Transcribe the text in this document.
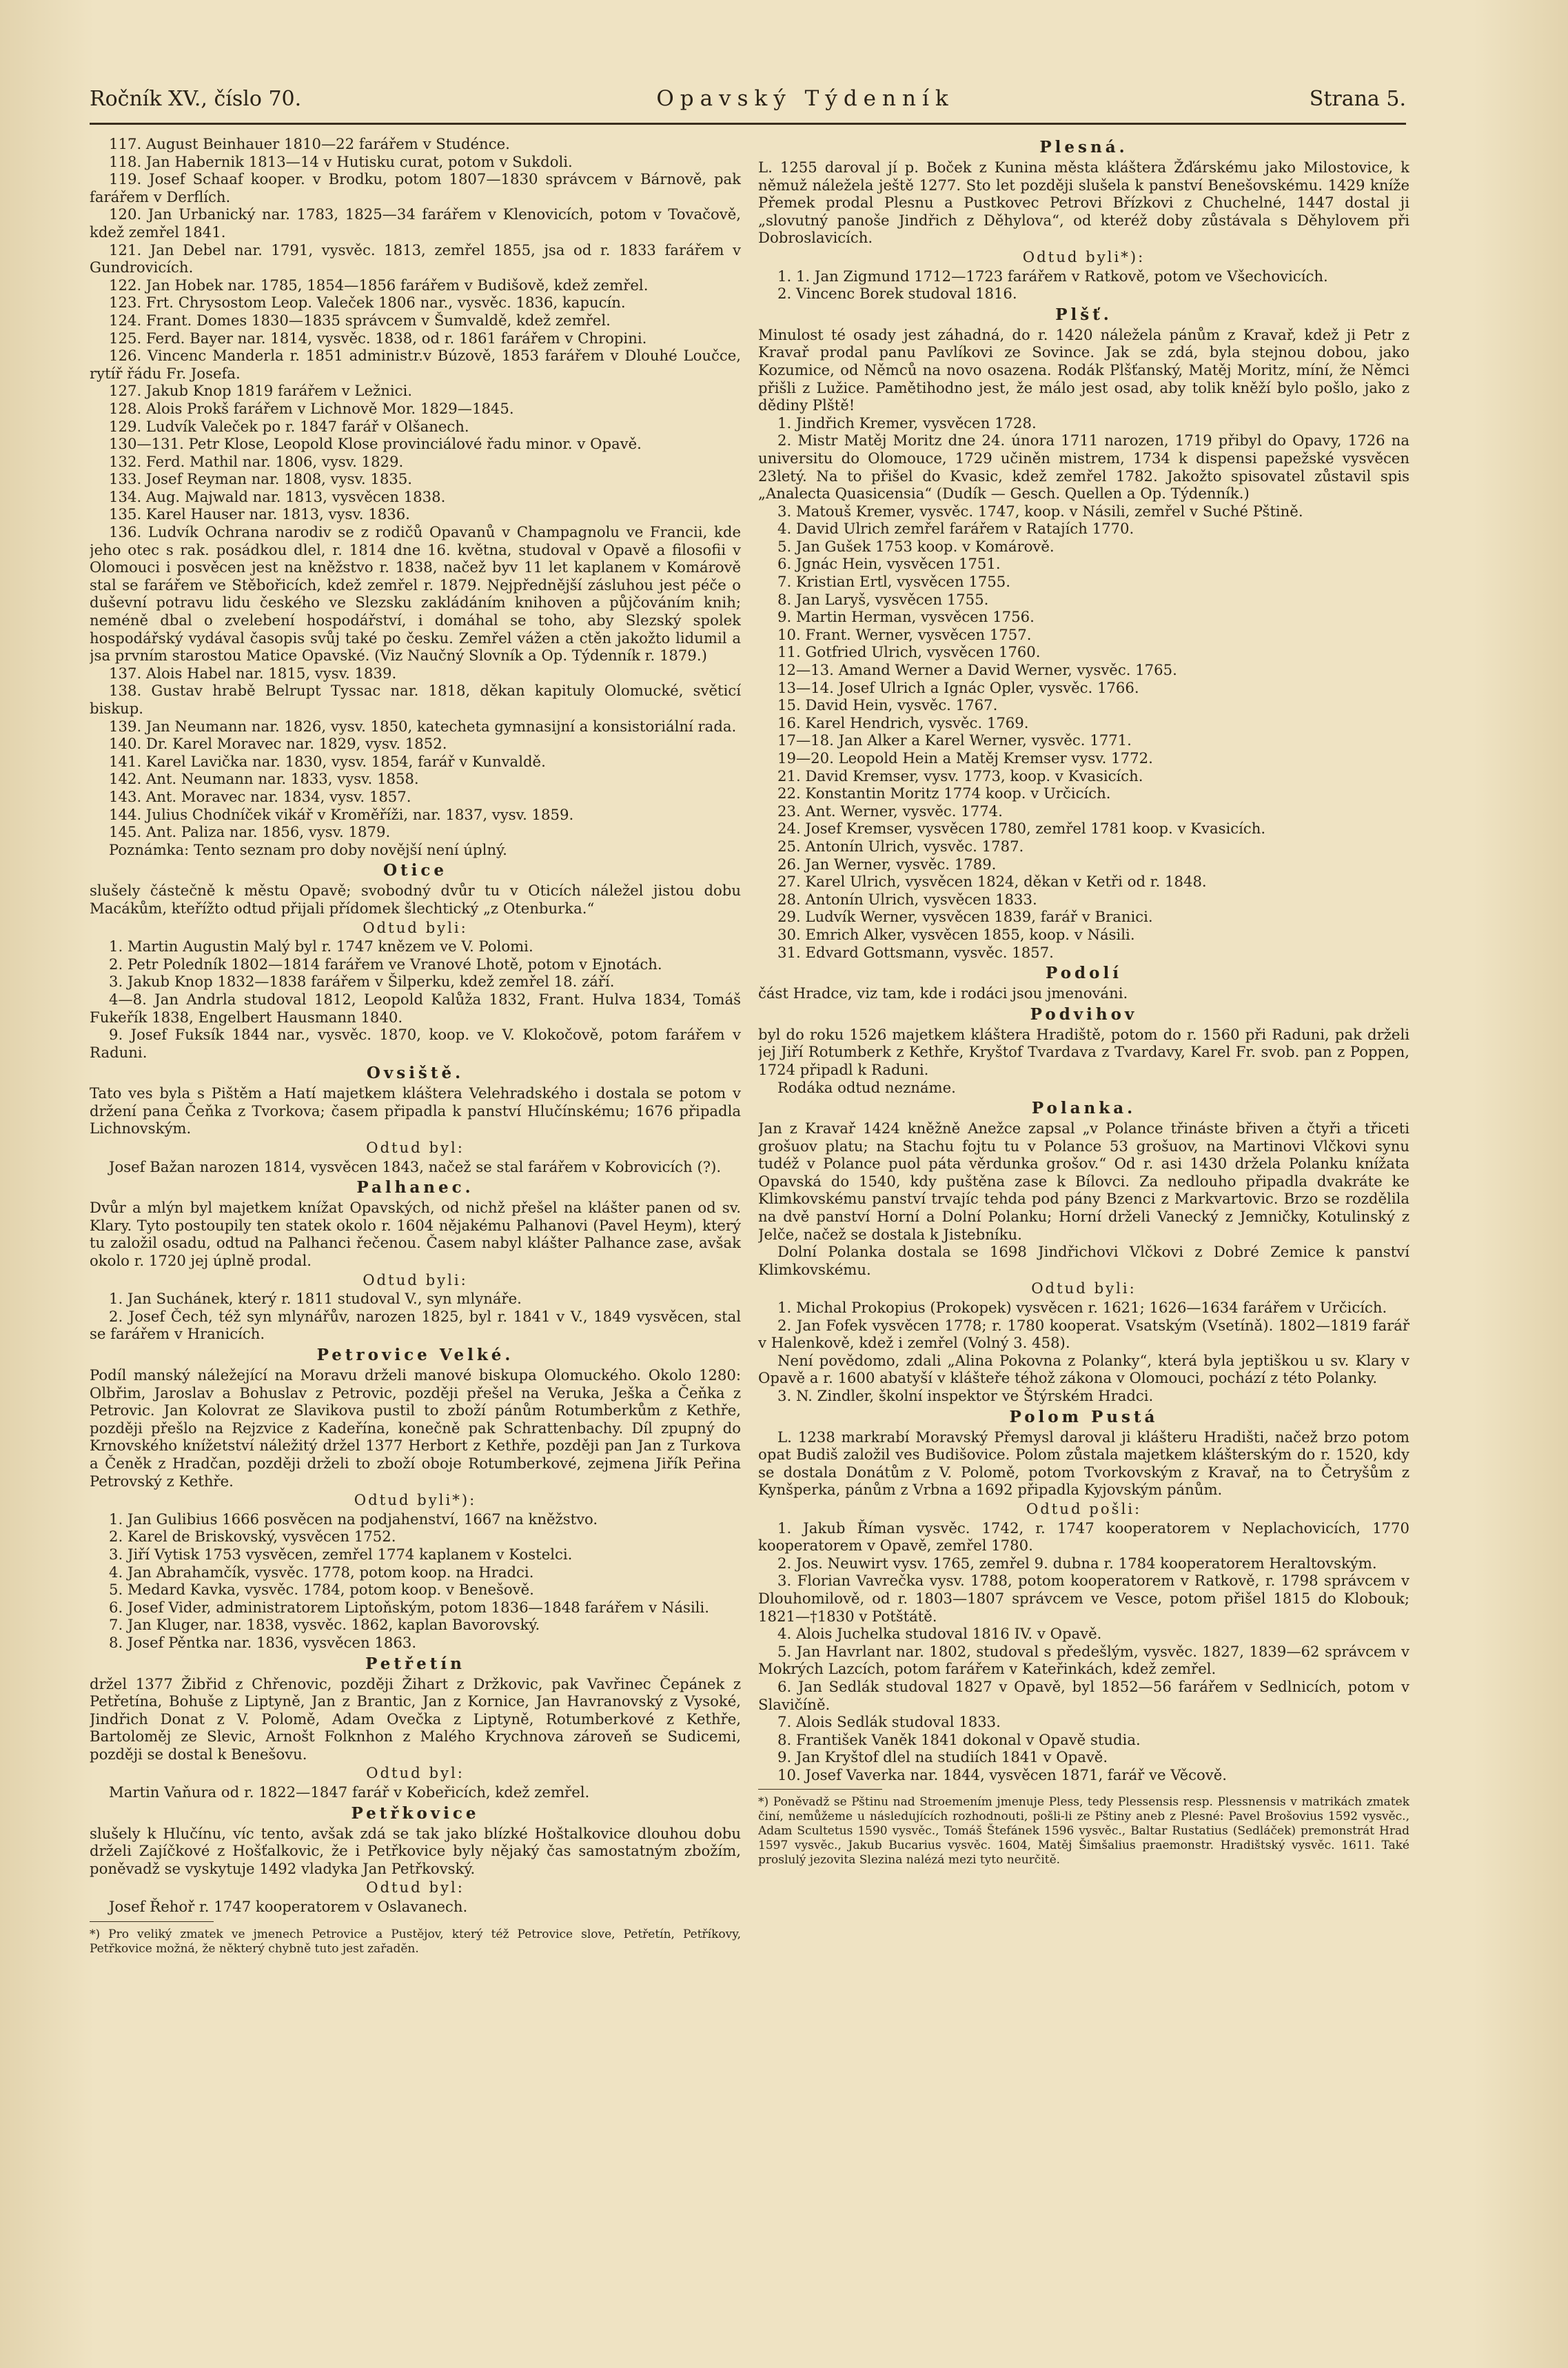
Ročník XV., číslo 70.	Opavský Týdenník	Strana 5.

117. August Beinhauer 1810—22 farářem v Studénce.

118. Jan Habernik 1813—14 v Hutisku curat, potom v Sukdoli.

119. Josef Schaaf kooper. v Brodku, potom 1807—1830 správcem v Bárnově, pak farářem v Derflích.

120. Jan Urbanický nar. 1783, 1825—34 farářem v Klenovicích, potom v Tovačově, kdež zemřel 1841.

121. Jan Debel nar. 1791, vysvěc. 1813, zemřel 1855, jsa od r. 1833 farářem v Gundrovicích.

122. Jan Hobek nar. 1785, 1854—1856 farářem v Budišově, kdež zemřel.

123. Frt. Chrysostom Leop. Valeček 1806 nar., vysvěc. 1836, kapucín.

124. Frant. Domes 1830—1835 správcem v Šumvaldě, kdež zemřel.

125. Ferd. Bayer nar. 1814, vysvěc. 1838, od r. 1861 farářem v Chropini.

126. Vincenc Manderla r. 1851 administr.v Búzově, 1853 farářem v Dlouhé Loučce, rytíř řádu Fr. Josefa.

127. Jakub Knop 1819 farářem v Ležnici.

128. Alois Prokš farářem v Lichnově Mor. 1829—1845.

129. Ludvík Valeček po r. 1847 farář v Olšanech.

130—131. Petr Klose, Leopold Klose provinciálové řadu minor. v Opavě.

132. Ferd. Mathil nar. 1806, vysv. 1829.

133. Josef Reyman nar. 1808, vysv. 1835.

134. Aug. Majwald nar. 1813, vysvěcen 1838.

135. Karel Hauser nar. 1813, vysv. 1836.

136. Ludvík Ochrana narodiv se z rodičů Opavanů v Champagnolu ve Francii, kde jeho otec s rak. posádkou dlel, r. 1814 dne 16. května, studoval v Opavě a filosofii v Olomouci i posvěcen jest na kněžstvo r. 1838, načež byv 11 let kaplanem v Komárově stal se farářem ve Stěbořicích, kdež zemřel r. 1879. Nejpřednější zásluhou jest péče o duševní potravu lidu českého ve Slezsku zakládáním knihoven a půjčováním knih; neméně dbal o zvelebení hospodářství, i domáhal se toho, aby Slezský spolek hospodářský vydával časopis svůj také po česku. Zemřel vážen a ctěn jakožto lidumil a jsa prvním starostou Matice Opavské. (Viz Naučný Slovník a Op. Týdenník r. 1879.)

137. Alois Habel nar. 1815, vysv. 1839.

138. Gustav hrabě Belrupt Tyssac nar. 1818, děkan kapituly Olomucké, světicí biskup.

139. Jan Neumann nar. 1826, vysv. 1850, katecheta gymnasijní a konsistoriální rada.

140. Dr. Karel Moravec nar. 1829, vysv. 1852.

141. Karel Lavička nar. 1830, vysv. 1854, farář v Kunvaldě.

142. Ant. Neumann nar. 1833, vysv. 1858.

143. Ant. Moravec nar. 1834, vysv. 1857.

144. Julius Chodníček vikář v Kroměříži, nar. 1837, vysv. 1859.

145. Ant. Paliza nar. 1856, vysv. 1879.

Poznámka: Tento seznam pro doby novější není úplný.

Otice

slušely částečně k městu Opavě; svobodný dvůr tu v Oticích náležel jistou dobu Macákům, kteřížto odtud přijali přídomek šlechtický „z Otenburka.“

Odtud byli:

1. Martin Augustin Malý byl r. 1747 knězem ve V. Polomi.

2. Petr Poledník 1802—1814 farářem ve Vranové Lhotě, potom v Ejnotách.

3. Jakub Knop 1832—1838 farářem v Šilperku, kdež zemřel 18. září.

4—8. Jan Andrla studoval 1812, Leopold Kalůža 1832, Frant. Hulva 1834, Tomáš Fukeřík 1838, Engelbert Hausmann 1840.

9. Josef Fuksík 1844 nar., vysvěc. 1870, koop. ve V. Klokočově, potom farářem v Raduni.

Ovsiště.

Tato ves byla s Pištěm a Hatí majetkem kláštera Velehradského i dostala se potom v držení pana Čeňka z Tvorkova; časem připadla k panství Hlučínskému; 1676 připadla Lichnovským.

Odtud byl:

Josef Bažan narozen 1814, vysvěcen 1843, načež se stal farářem v Kobrovicích (?).

Palhanec.

Dvůr a mlýn byl majetkem knížat Opavských, od nichž přešel na klášter panen od sv. Klary. Tyto postoupily ten statek okolo r. 1604 nějakému Palhanovi (Pavel Heym), který tu založil osadu, odtud na Palhanci řečenou. Časem nabyl klášter Palhance zase, avšak okolo r. 1720 jej úplně prodal.

Odtud byli:

1. Jan Suchánek, který r. 1811 studoval V., syn mlynáře.

2. Josef Čech, též syn mlynářův, narozen 1825, byl r. 1841 v V., 1849 vysvěcen, stal se farářem v Hranicích.

Petrovice Velké.

Podíl manský náležející na Moravu drželi manové biskupa Olomuckého. Okolo 1280: Olbřim, Jaroslav a Bohuslav z Petrovic, později přešel na Veruka, Ješka a Čeňka z Petrovic. Jan Kolovrat ze Slavikova pustil to zboží pánům Rotumberkům z Kethře, později přešlo na Rejzvice z Kadeřína, konečně pak Schrattenbachy. Díl zpupný do Krnovského knížetství náležitý držel 1377 Herbort z Kethře, později pan Jan z Turkova a Čeněk z Hradčan, později drželi to zboží oboje Rotumberkové, zejmena Jiřík Peřina Petrovský z Kethře.

Odtud byli*):

1. Jan Gulibius 1666 posvěcen na podjahenství, 1667 na kněžstvo.

2. Karel de Briskovský, vysvěcen 1752.

3. Jiří Vytisk 1753 vysvěcen, zemřel 1774 kaplanem v Kostelci.

4. Jan Abrahamčík, vysvěc. 1778, potom koop. na Hradci.

5. Medard Kavka, vysvěc. 1784, potom koop. v Benešově.

6. Josef Vider, administratorem Liptoňským, potom 1836—1848 farářem v Násili.

7. Jan Kluger, nar. 1838, vysvěc. 1862, kaplan Bavorovský.

8. Josef Pěntka nar. 1836, vysvěcen 1863.

Petřetín

držel 1377 Žibřid z Chřenovic, později Žihart z Držkovic, pak Vavřinec Čepánek z Petřetína, Bohuše z Liptyně, Jan z Brantic, Jan z Kornice, Jan Havranovský z Vysoké, Jindřich Donat z V. Polomě, Adam Ovečka z Liptyně, Rotumberkové z Kethře, Bartoloměj ze Slevic, Arnošt Folknhon z Malého Krychnova zároveň se Sudicemi, později se dostal k Benešovu.

Odtud byl:

Martin Vaňura od r. 1822—1847 farář v Kobeřicích, kdež zemřel.

Petřkovice

slušely k Hlučínu, víc tento, avšak zdá se tak jako blízké Hoštalkovice dlouhou dobu drželi Zajíčkové z Hošťalkovic, že i Petřkovice byly nějaký čas samostatným zbožím, poněvadž se vyskytuje 1492 vladyka Jan Petřkovský.

Odtud byl:

Josef Řehoř r. 1747 kooperatorem v Oslavanech.

*) Pro veliký zmatek ve jmenech Petrovice a Pustějov, který též Petrovice slove, Petřetín, Petříkovy, Petřkovice možná, že některý chybně tuto jest zařaděn.

Plesná.

L. 1255 daroval jí p. Boček z Kunina města kláštera Žďárskému jako Milostovice, k němuž náležela ještě 1277. Sto let později slušela k panství Benešovskému. 1429 kníže Přemek prodal Plesnu a Pustkovec Petrovi Břízkovi z Chuchelné, 1447 dostal ji „slovutný panoše Jindřich z Děhylova“, od kteréž doby zůstávala s Děhylovem při Dobroslavicích.

Odtud byli*):

1. 1. Jan Zigmund 1712—1723 farářem v Ratkově, potom ve Všechovicích.

2. Vincenc Borek studoval 1816.

Plšť.

Minulost té osady jest záhadná, do r. 1420 náležela pánům z Kravař, kdež ji Petr z Kravař prodal panu Pavlíkovi ze Sovince. Jak se zdá, byla stejnou dobou, jako Kozumice, od Němců na novo osazena. Rodák Plšťanský, Matěj Moritz, míní, že Němci přišli z Lužice. Pamětihodno jest, že málo jest osad, aby tolik kněží bylo pošlo, jako z dědiny Plště!

1. Jindřich Kremer, vysvěcen 1728.

2. Mistr Matěj Moritz dne 24. února 1711 narozen, 1719 přibyl do Opavy, 1726 na universitu do Olomouce, 1729 učiněn mistrem, 1734 k dispensi papežské vysvěcen 23letý. Na to přišel do Kvasic, kdež zemřel 1782. Jakožto spisovatel zůstavil spis „Analecta Quasicensia“ (Dudík — Gesch. Quellen a Op. Týdenník.)

3. Matouš Kremer, vysvěc. 1747, koop. v Násili, zemřel v Suché Pštině.

4. David Ulrich zemřel farářem v Ratajích 1770.

5. Jan Gušek 1753 koop. v Komárově.

6. Jgnác Hein, vysvěcen 1751.

7. Kristian Ertl, vysvěcen 1755.

8. Jan Laryš, vysvěcen 1755.

9. Martin Herman, vysvěcen 1756.

10. Frant. Werner, vysvěcen 1757.

11. Gotfried Ulrich, vysvěcen 1760.

12—13. Amand Werner a David Werner, vysvěc. 1765.

13—14. Josef Ulrich a Ignác Opler, vysvěc. 1766.

15. David Hein, vysvěc. 1767.

16. Karel Hendrich, vysvěc. 1769.

17—18. Jan Alker a Karel Werner, vysvěc. 1771.

19—20. Leopold Hein a Matěj Kremser vysv. 1772.

21. David Kremser, vysv. 1773, koop. v Kvasicích.

22. Konstantin Moritz 1774 koop. v Určicích.

23. Ant. Werner, vysvěc. 1774.

24. Josef Kremser, vysvěcen 1780, zemřel 1781 koop. v Kvasicích.

25. Antonín Ulrich, vysvěc. 1787.

26. Jan Werner, vysvěc. 1789.

27. Karel Ulrich, vysvěcen 1824, děkan v Ketři od r. 1848.

28. Antonín Ulrich, vysvěcen 1833.

29. Ludvík Werner, vysvěcen 1839, farář v Branici.

30. Emrich Alker, vysvěcen 1855, koop. v Násili.

31. Edvard Gottsmann, vysvěc. 1857.

Podolí

část Hradce, viz tam, kde i rodáci jsou jmenováni.

Podvihov

byl do roku 1526 majetkem kláštera Hradiště, potom do r. 1560 při Raduni, pak drželi jej Jiří Rotumberk z Kethře, Kryštof Tvardava z Tvardavy, Karel Fr. svob. pan z Poppen, 1724 připadl k Raduni.

Rodáka odtud neznáme.

Polanka.

Jan z Kravař 1424 kněžně Anežce zapsal „v Polance třináste břiven a čtyři a třiceti grošuov platu; na Stachu fojtu tu v Polance 53 grošuov, na Martinovi Vlčkovi synu tudéž v Polance puol páta věrdunka grošov.“ Od r. asi 1430 držela Polanku knížata Opavská do 1540, kdy puštěna zase k Bílovci. Za nedlouho připadla dvakráte ke Klimkovskému panství trvajíc tehda pod pány Bzenci z Markvartovic. Brzo se rozdělila na dvě panství Horní a Dolní Polanku; Horní drželi Vanecký z Jemničky, Kotulinský z Jelče, načež se dostala k Jistebníku.

Dolní Polanka dostala se 1698 Jindřichovi Vlčkovi z Dobré Zemice k panství Klimkovskému.

Odtud byli:

1. Michal Prokopius (Prokopek) vysvěcen r. 1621; 1626—1634 farářem v Určicích.

2. Jan Fofek vysvěcen 1778; r. 1780 kooperat. Vsatským (Vsetínǎ). 1802—1819 farář v Halenkově, kdež i zemřel (Volný 3. 458).

Není povědomo, zdali „Alina Pokovna z Polanky“, která byla jeptiškou u sv. Klary v Opavě a r. 1600 abatyší v klášteře téhož zákona v Olomouci, pochází z této Polanky.

3. N. Zindler, školní inspektor ve Štýrském Hradci.

Polom Pustá

L. 1238 markrabí Moravský Přemysl daroval ji klášteru Hradišti, načež brzo potom opat Budiš založil ves Budišovice. Polom zůstala majetkem klášterským do r. 1520, kdy se dostala Donátům z V. Polomě, potom Tvorkovským z Kravař, na to Četryšům z Kynšperka, pánům z Vrbna a 1692 připadla Kyjovským pánům.

Odtud pošli:

1. Jakub Říman vysvěc. 1742, r. 1747 kooperatorem v Neplachovicích, 1770 kooperatorem v Opavě, zemřel 1780.

2. Jos. Neuwirt vysv. 1765, zemřel 9. dubna r. 1784 kooperatorem Heraltovským.

3. Florian Vavrečka vysv. 1788, potom kooperatorem v Ratkově, r. 1798 správcem v Dlouhomilově, od r. 1803—1807 správcem ve Vesce, potom přišel 1815 do Klobouk; 1821—†1830 v Potštátě.

4. Alois Juchelka studoval 1816 IV. v Opavě.

5. Jan Havrlant nar. 1802, studoval s předešlým, vysvěc. 1827, 1839—62 správcem v Mokrých Lazcích, potom farářem v Kateřinkách, kdež zemřel.

6. Jan Sedlák studoval 1827 v Opavě, byl 1852—56 farářem v Sedlnicích, potom v Slavičíně.

7. Alois Sedlák studoval 1833.

8. František Vaněk 1841 dokonal v Opavě studia.

9. Jan Kryštof dlel na studiích 1841 v Opavě.

10. Josef Vaverka nar. 1844, vysvěcen 1871, farář ve Věcově.

*) Poněvadž se Pštinu nad Stroemením jmenuje Pless, tedy Plessensis resp. Plessnensis v matrikách zmatek činí, nemůžeme u následujících rozhodnouti, pošli-li ze Pštiny aneb z Plesné: Pavel Brošovius 1592 vysvěc., Adam Scultetus 1590 vysvěc., Tomáš Štefánek 1596 vysvěc., Baltar Rustatius (Sedláček) premonstrát Hrad 1597 vysvěc., Jakub Bucarius vysvěc. 1604, Matěj Šimšalius praemonstr. Hradištský vysvěc. 1611. Také proslulý jezovita Slezina nalézá mezi tyto neurčitě.
